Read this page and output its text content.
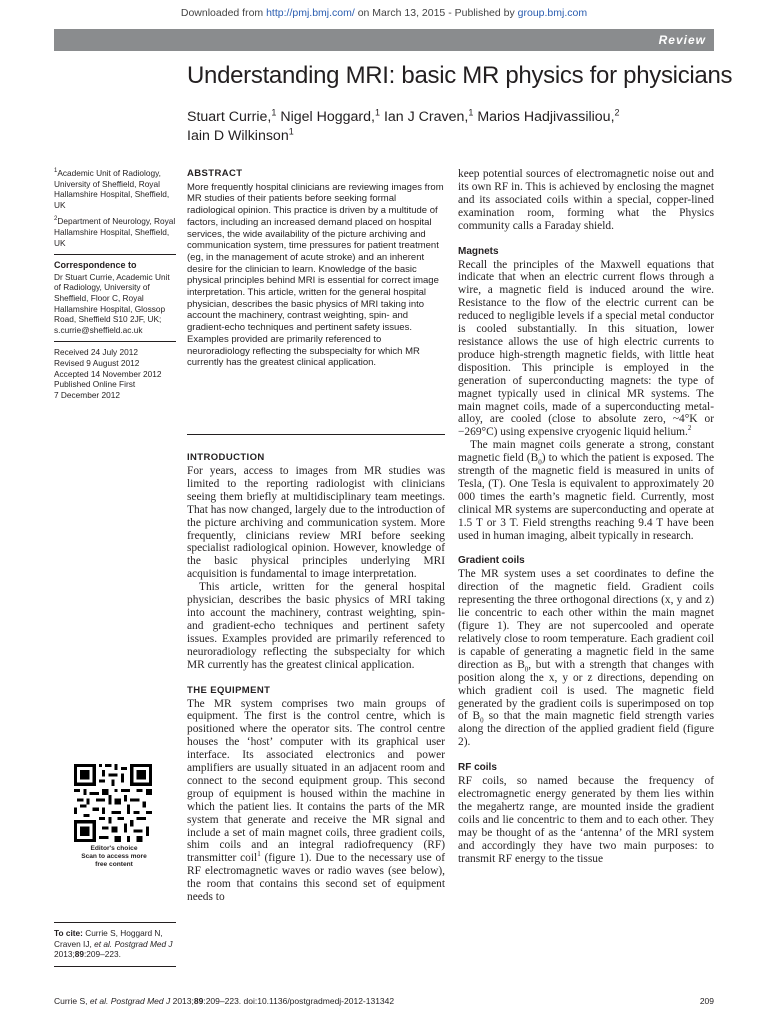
Downloaded from http://pmj.bmj.com/ on March 13, 2015 - Published by group.bmj.com
Review
Understanding MRI: basic MR physics for physicians
Stuart Currie,$^1$ Nigel Hoggard,$^1$ Ian J Craven,$^1$ Marios Hadjivassiliou,$^2$
Iain D Wilkinson$^1$
$^1$Academic Unit of Radiology, University of Sheffield, Royal Hallamshire Hospital, Sheffield, UK
$^2$Department of Neurology, Royal Hallamshire Hospital, Sheffield, UK
Correspondence to
Dr Stuart Currie, Academic Unit of Radiology, University of Sheffield, Floor C, Royal Hallamshire Hospital, Glossop Road, Sheffield S10 2JF, UK; s.currie@sheffield.ac.uk
Received 24 July 2012
Revised 9 August 2012
Accepted 14 November 2012
Published Online First
7 December 2012
Editor's choice
Scan to access more
free content
To cite: Currie S, Hoggard N, Craven IJ, et al. Postgrad Med J 2013;89:209–223.
ABSTRACT
More frequently hospital clinicians are reviewing images from MR studies of their patients before seeking formal radiological opinion. This practice is driven by a multitude of factors, including an increased demand placed on hospital services, the wide availability of the picture archiving and communication system, time pressures for patient treatment (eg, in the management of acute stroke) and an inherent desire for the clinician to learn. Knowledge of the basic physical principles behind MRI is essential for correct image interpretation. This article, written for the general hospital physician, describes the basic physics of MRI taking into account the machinery, contrast weighting, spin- and gradient-echo techniques and pertinent safety issues. Examples provided are primarily referenced to neuroradiology reflecting the subspecialty for which MR currently has the greatest clinical application.
INTRODUCTION

For years, access to images from MR studies was limited to the reporting radiologist with clinicians seeing them briefly at multidisciplinary team meetings. That has now changed, largely due to the introduction of the picture archiving and communication system. More frequently, clinicians review MRI before seeking specialist radiological opinion. However, knowledge of the basic physical principles underlying MRI acquisition is fundamental to image interpretation.

This article, written for the general hospital physician, describes the basic physics of MRI taking into account the machinery, contrast weighting, spin- and gradient-echo techniques and pertinent safety issues. Examples provided are primarily referenced to neuroradiology reflecting the subspecialty for which MR currently has the greatest clinical application.

THE EQUIPMENT

The MR system comprises two main groups of equipment. The first is the control centre, which is positioned where the operator sits. The control centre houses the ‘host’ computer with its graphical user interface. Its associated electronics and power amplifiers are usually situated in an adjacent room and connect to the second equipment group. This second group of equipment is housed within the machine in which the patient lies. It contains the parts of the MR system that generate and receive the MR signal and include a set of main magnet coils, three gradient coils, shim coils and an integral radiofrequency (RF) transmitter coil$^1$ (figure 1). Due to the necessary use of RF electromagnetic waves or radio waves (see below), the room that contains this second set of equipment needs to

keep potential sources of electromagnetic noise out and its own RF in. This is achieved by enclosing the magnet and its associated coils within a special, copper-lined examination room, forming what the Physics community calls a Faraday shield.

Magnets

Recall the principles of the Maxwell equations that indicate that when an electric current flows through a wire, a magnetic field is induced around the wire. Resistance to the flow of the electric current can be reduced to negligible levels if a special metal conductor is cooled substantially. In this situation, lower resistance allows the use of high electric currents to produce high-strength magnetic fields, with little heat disposition. This principle is employed in the generation of superconducting magnets: the type of magnet typically used in clinical MR systems. The main magnet coils, made of a superconducting metal-alloy, are cooled (close to absolute zero, ~4°K or −269°C) using expensive cryogenic liquid helium.$^2$

The main magnet coils generate a strong, constant magnetic field $(B_0)$ to which the patient is exposed. The strength of the magnetic field is measured in units of Tesla, (T). One Tesla is equivalent to approximately 20 000 times the earth’s magnetic field. Currently, most clinical MR systems are superconducting and operate at 1.5 T or 3 T. Field strengths reaching 9.4 T have been used in human imaging, albeit typically in research.

Gradient coils

The MR system uses a set coordinates to define the direction of the magnetic field. Gradient coils representing the three orthogonal directions (x, y and z) lie concentric to each other within the main magnet (figure 1). They are not supercooled and operate relatively close to room temperature. Each gradient coil is capable of generating a magnetic field in the same direction as $B_0$, but with a strength that changes with position along the x, y or z directions, depending on which gradient coil is used. The magnetic field generated by the gradient coils is superimposed on top of $B_0$ so that the main magnetic field strength varies along the direction of the applied gradient field (figure 2).

RF coils

RF coils, so named because the frequency of electromagnetic energy generated by them lies within the megahertz range, are mounted inside the gradient coils and lie concentric to them and to each other. They may be thought of as the ‘antenna’ of the MRI system and accordingly they have two main purposes: to transmit RF energy to the tissue

Currie S, et al. Postgrad Med J 2013;89:209–223. doi:10.1136/postgradmedj-2012-131342	209
